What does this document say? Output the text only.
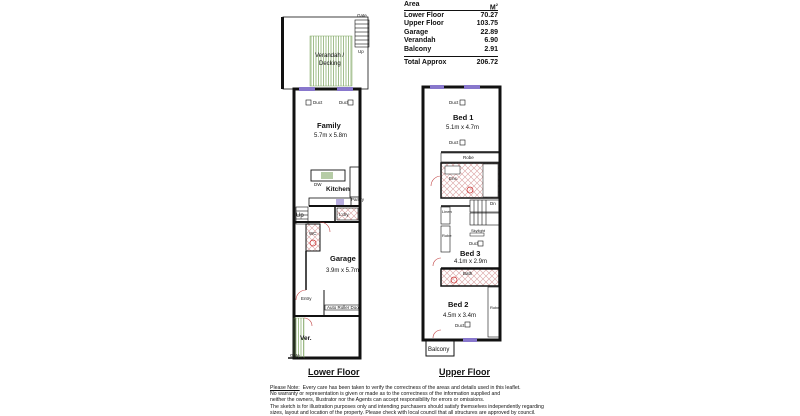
Area	$M^2$
Lower Floor	70.27
Upper Floor	103.75
Garage	22.89
Verandah	6.90
Balcony	2.91
Total Approx	206.72
Gate
Up
Verandah /
Decking
Duct	Duct
Family
5.7m x 5.8m
DW
Kitchen
Pantry
Up	L'dry
WC
Garage
3.9m x 5.7m
Entry
Auto Roller Door
Ver.
Gate
Lower Floor
Duct
Bed 1
5.1m x 4.7m
Duct
Robe
Ens.
Dn
Linen
Robe
Skylight
Duct
Bed 3
4.1m x 2.9m
Bath
Bed 2
4.5m x 3.4m
Robe
Duct
Balcony
Upper Floor
Please Note: Every care has been taken to verify the correctness of the areas and details used in this leaflet.
No warranty or representation is given or made as to the correctness of the information supplied and
neither the owners, Illustrator nor the Agents can accept responsibility for errors or omissions.
The sketch is for illustration purposes only and intending purchasers should satisfy themselves independently regarding
sizes, layout and location of the property. Please check with local council that all structures are approved by council.
